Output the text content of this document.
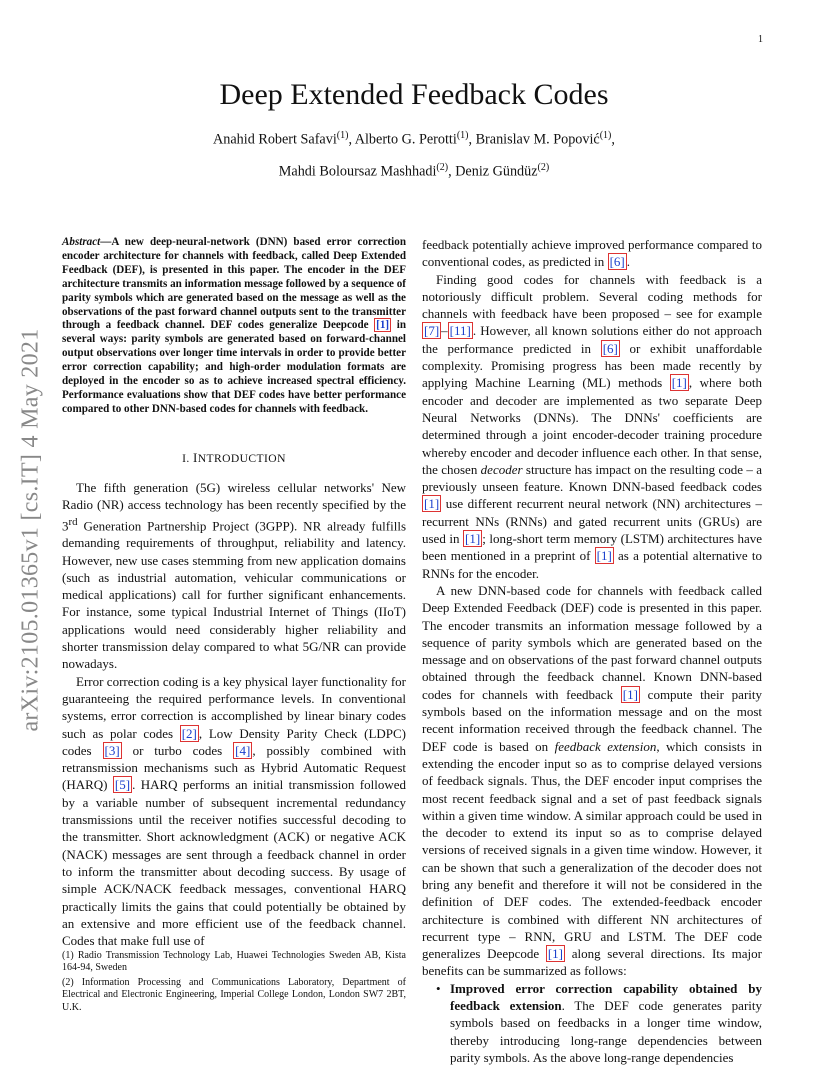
1
arXiv:2105.01365v1 [cs.IT] 4 May 2021
Deep Extended Feedback Codes
Anahid Robert Safavi$^{(1)}$, Alberto G. Perotti$^{(1)}$, Branislav M. Popović$^{(1)}$,
Mahdi Boloursaz Mashhadi$^{(2)}$, Deniz Gündüz$^{(2)}$
Abstract—A new deep-neural-network (DNN) based error correction encoder architecture for channels with feedback, called Deep Extended Feedback (DEF), is presented in this paper. The encoder in the DEF architecture transmits an information message followed by a sequence of parity symbols which are generated based on the message as well as the observations of the past forward channel outputs sent to the transmitter through a feedback channel. DEF codes generalize Deepcode [1] in several ways: parity symbols are generated based on forward-channel output observations over longer time intervals in order to provide better error correction capability; and high-order modulation formats are deployed in the encoder so as to achieve increased spectral efficiency. Performance evaluations show that DEF codes have better performance compared to other DNN-based codes for channels with feedback.
I. INTRODUCTION

The fifth generation (5G) wireless cellular networks' New Radio (NR) access technology has been recently specified by the 3rd Generation Partnership Project (3GPP). NR already fulfills demanding requirements of throughput, reliability and latency. However, new use cases stemming from new application domains (such as industrial automation, vehicular communications or medical applications) call for further significant enhancements. For instance, some typical Industrial Internet of Things (IIoT) applications would need considerably higher reliability and shorter transmission delay compared to what 5G/NR can provide nowadays.

Error correction coding is a key physical layer functionality for guaranteeing the required performance levels. In conventional systems, error correction is accomplished by linear binary codes such as polar codes [2] , Low Density Parity Check (LDPC) codes [3] or turbo codes [4] , possibly combined with retransmission mechanisms such as Hybrid Automatic Request (HARQ) [5] . HARQ performs an initial transmission followed by a variable number of subsequent incremental redundancy transmissions until the receiver notifies successful decoding to the transmitter. Short acknowledgment (ACK) or negative ACK (NACK) messages are sent through a feedback channel in order to inform the transmitter about decoding success. By usage of simple ACK/NACK feedback messages, conventional HARQ practically limits the gains that could potentially be obtained by an extensive and more efficient use of the feedback channel. Codes that make full use of

(1) Radio Transmission Technology Lab, Huawei Technologies Sweden AB, Kista 164-94, Sweden
(2) Information Processing and Communications Laboratory, Department of Electrical and Electronic Engineering, Imperial College London, London SW7 2BT, U.K.

feedback potentially achieve improved performance compared to conventional codes, as predicted in [6] .

Finding good codes for channels with feedback is a notoriously difficult problem. Several coding methods for channels with feedback have been proposed – see for example [7] – [11] . However, all known solutions either do not approach the performance predicted in [6] or exhibit unaffordable complexity. Promising progress has been made recently by applying Machine Learning (ML) methods [1] , where both encoder and decoder are implemented as two separate Deep Neural Networks (DNNs). The DNNs' coefficients are determined through a joint encoder-decoder training procedure whereby encoder and decoder influence each other. In that sense, the chosen decoder structure has impact on the resulting code – a previously unseen feature. Known DNN-based feedback codes [1] use different recurrent neural network (NN) architectures – recurrent NNs (RNNs) and gated recurrent units (GRUs) are used in [1] ; long-short term memory (LSTM) architectures have been mentioned in a preprint of [1] as a potential alternative to RNNs for the encoder.

A new DNN-based code for channels with feedback called Deep Extended Feedback (DEF) code is presented in this paper. The encoder transmits an information message followed by a sequence of parity symbols which are generated based on the message and on observations of the past forward channel outputs obtained through the feedback channel. Known DNN-based codes for channels with feedback [1] compute their parity symbols based on the information message and on the most recent information received through the feedback channel. The DEF code is based on feedback extension, which consists in extending the encoder input so as to comprise delayed versions of feedback signals. Thus, the DEF encoder input comprises the most recent feedback signal and a set of past feedback signals within a given time window. A similar approach could be used in the decoder to extend its input so as to comprise delayed versions of received signals in a given time window. However, it can be shown that such a generalization of the decoder does not bring any benefit and therefore it will not be considered in the definition of DEF codes. The extended-feedback encoder architecture is combined with different NN architectures of recurrent type – RNN, GRU and LSTM. The DEF code generalizes Deepcode [1] along several directions. Its major benefits can be summarized as follows:

• Improved error correction capability obtained by feedback extension. The DEF code generates parity symbols based on feedbacks in a longer time window, thereby introducing long-range dependencies between parity symbols. As the above long-range dependencies
